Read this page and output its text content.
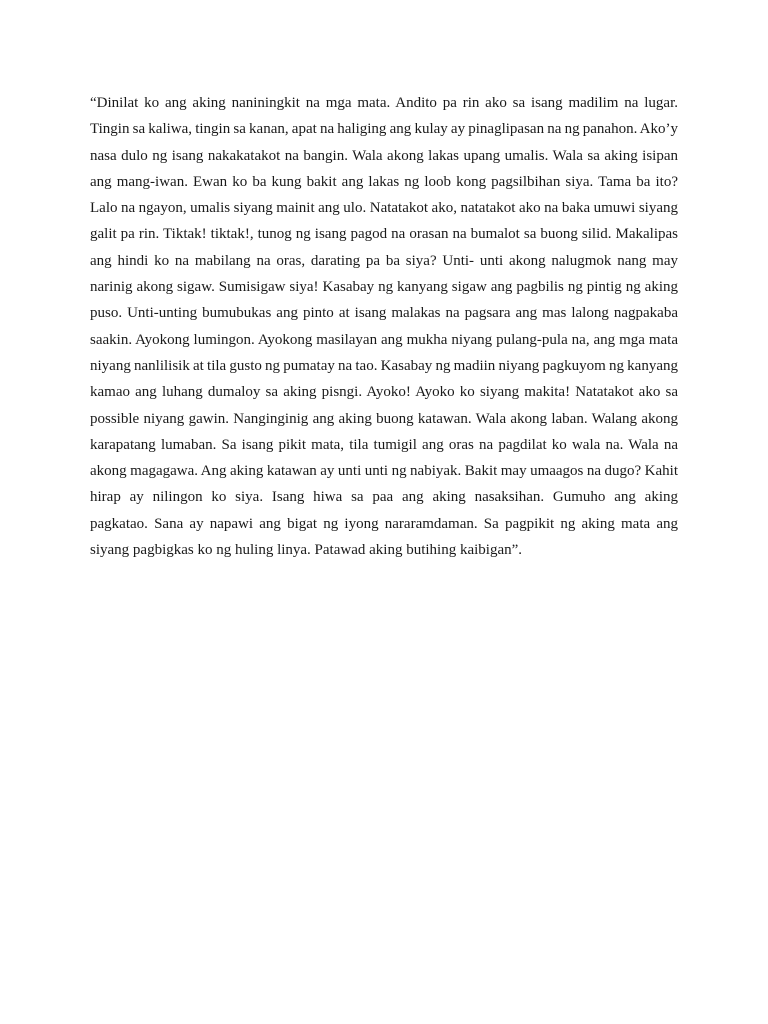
“Dinilat ko ang aking naniningkit na mga mata. Andito pa rin ako sa isang madilim na lugar.
Tingin sa kaliwa, tingin sa kanan, apat na haliging ang kulay ay pinaglipasan na ng panahon. Ako’y
nasa dulo ng isang nakakatakot na bangin. Wala akong lakas upang umalis. Wala sa aking isipan
ang mang-iwan. Ewan ko ba kung bakit ang lakas ng loob kong pagsilbihan siya. Tama ba ito?
Lalo na ngayon, umalis siyang mainit ang ulo. Natatakot ako, natatakot ako na baka umuwi siyang
galit pa rin. Tiktak! tiktak!, tunog ng isang pagod na orasan na bumalot sa buong silid. Makalipas
ang hindi ko na mabilang na oras, darating pa ba siya? Unti- unti akong nalugmok nang may
narinig akong sigaw. Sumisigaw siya! Kasabay ng kanyang sigaw ang pagbilis ng pintig ng aking
puso. Unti-unting bumubukas ang pinto at isang malakas na pagsara ang mas lalong nagpakaba
saakin. Ayokong lumingon. Ayokong masilayan ang mukha niyang pulang-pula na, ang mga mata
niyang nanlilisik at tila gusto ng pumatay na tao. Kasabay ng madiin niyang pagkuyom ng kanyang
kamao ang luhang dumaloy sa aking pisngi. Ayoko! Ayoko ko siyang makita! Natatakot ako sa
possible niyang gawin. Nanginginig ang aking buong katawan. Wala akong laban. Walang akong
karapatang lumaban. Sa isang pikit mata, tila tumigil ang oras na pagdilat ko wala na. Wala na
akong magagawa. Ang aking katawan ay unti unti ng nabiyak. Bakit may umaagos na dugo? Kahit
hirap ay nilingon ko siya. Isang hiwa sa paa ang aking nasaksihan. Gumuho ang aking
pagkatao. Sana ay napawi ang bigat ng iyong nararamdaman. Sa pagpikit ng aking mata ang
siyang pagbigkas ko ng huling linya. Patawad aking butihing kaibigan”.
